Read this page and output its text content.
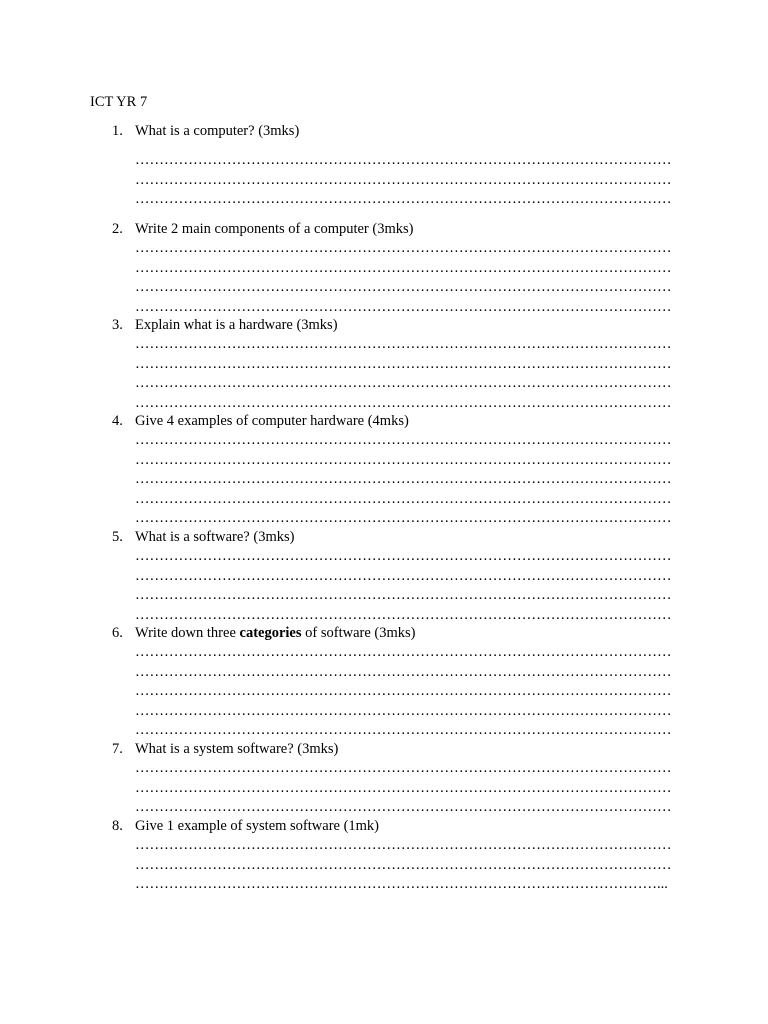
ICT YR 7
1. What is a computer? (3mks)
…………………………………………………………………………………………………
…………………………………………………………………………………………………
…………………………………………………………………………………………………
2. Write 2 main components of a computer (3mks)
…………………………………………………………………………………………………
…………………………………………………………………………………………………
…………………………………………………………………………………………………
…………………………………………………………………………………………………
3. Explain what is a hardware (3mks)
…………………………………………………………………………………………………
…………………………………………………………………………………………………
…………………………………………………………………………………………………
…………………………………………………………………………………………………
4. Give 4 examples of computer hardware (4mks)
…………………………………………………………………………………………………
…………………………………………………………………………………………………
…………………………………………………………………………………………………
…………………………………………………………………………………………………
…………………………………………………………………………………………………
5. What is a software? (3mks)
…………………………………………………………………………………………………
…………………………………………………………………………………………………
…………………………………………………………………………………………………
…………………………………………………………………………………………………
6. Write down three categories of software (3mks)
…………………………………………………………………………………………………
…………………………………………………………………………………………………
…………………………………………………………………………………………………
…………………………………………………………………………………………………
…………………………………………………………………………………………………
7. What is a system software? (3mks)
…………………………………………………………………………………………………
…………………………………………………………………………………………………
…………………………………………………………………………………………………
8. Give 1 example of system software (1mk)
…………………………………………………………………………………………………
…………………………………………………………………………………………………
………………………………………………………………………………………………...
